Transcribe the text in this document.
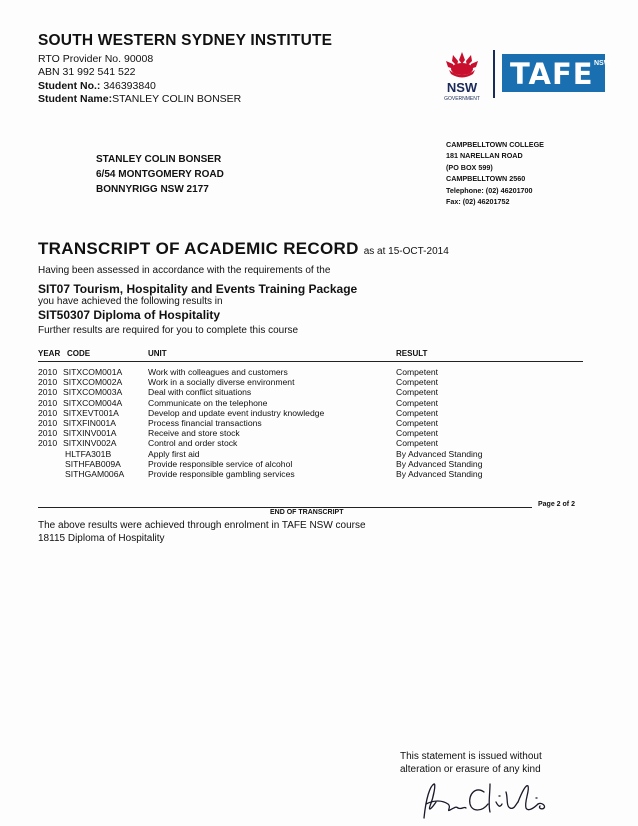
SOUTH WESTERN SYDNEY INSTITUTE
RTO Provider No. 90008
ABN 31 992 541 522
Student No.: 346393840
Student Name:STANLEY COLIN BONSER
NSW
GOVERNMENT
TAFE NSW
STANLEY COLIN BONSER
6/54 MONTGOMERY ROAD
BONNYRIGG NSW 2177
CAMPBELLTOWN COLLEGE
181 NARELLAN ROAD
(PO BOX 599)
CAMPBELLTOWN 2560
Telephone: (02) 46201700
Fax: (02) 46201752
TRANSCRIPT OF ACADEMIC RECORD as at 15-OCT-2014
Having been assessed in accordance with the requirements of the
SIT07 Tourism, Hospitality and Events Training Package
you have achieved the following results in
SIT50307 Diploma of Hospitality
Further results are required for you to complete this course
YEAR CODE	UNIT	RESULT
2010 SITXCOM001A	Work with colleagues and customers	Competent
2010 SITXCOM002A	Work in a socially diverse environment	Competent
2010 SITXCOM003A	Deal with conflict situations	Competent
2010 SITXCOM004A	Communicate on the telephone	Competent
2010 SITXEVT001A	Develop and update event industry knowledge	Competent
2010 SITXFIN001A	Process financial transactions	Competent
2010 SITXINV001A	Receive and store stock	Competent
2010 SITXINV002A	Control and order stock	Competent
HLTFA301B	Apply first aid	By Advanced Standing
SITHFAB009A	Provide responsible service of alcohol	By Advanced Standing
SITHGAM006A	Provide responsible gambling services	By Advanced Standing
Page 2 of 2
END OF TRANSCRIPT
The above results were achieved through enrolment in TAFE NSW course
18115 Diploma of Hospitality
This statement is issued without
alteration or erasure of any kind
